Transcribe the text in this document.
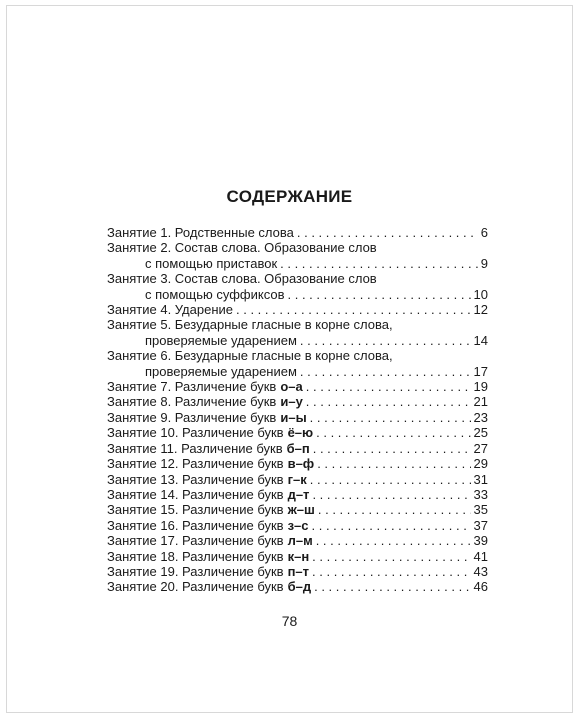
СОДЕРЖАНИЕ
Занятие 1. Родственные слова . . .	6
Занятие 2. Состав слова. Образование слов
с помощью приставок . . .	9
Занятие 3. Состав слова. Образование слов
с помощью суффиксов . . .	10
Занятие 4. Ударение . . .	12
Занятие 5. Безударные гласные в корне слова,
проверяемые ударением . . .	14
Занятие 6. Безударные гласные в корне слова,
проверяемые ударением . . .	17
Занятие 7. Различение букв о–а . . .	19
Занятие 8. Различение букв и–у . . .	21
Занятие 9. Различение букв и–ы . . .	23
Занятие 10. Различение букв ё–ю . . .	25
Занятие 11. Различение букв б–п . . .	27
Занятие 12. Различение букв в–ф . . .	29
Занятие 13. Различение букв г–к . . .	31
Занятие 14. Различение букв д–т . . .	33
Занятие 15. Различение букв ж–ш . . .	35
Занятие 16. Различение букв з–с . . .	37
Занятие 17. Различение букв л–м . . .	39
Занятие 18. Различение букв к–н . . .	41
Занятие 19. Различение букв п–т . . .	43
Занятие 20. Различение букв б–д . . .	46
78
